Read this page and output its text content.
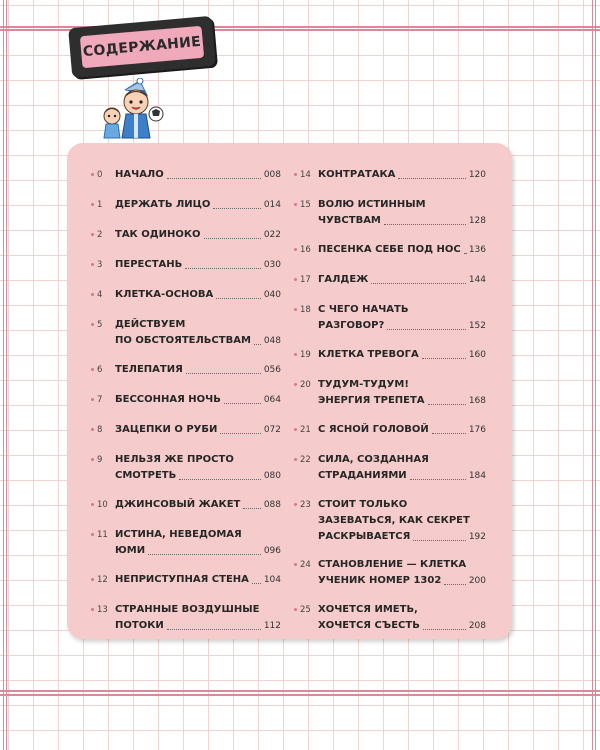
СОДЕРЖАНИЕ
0 НАЧАЛО	008
1 ДЕРЖАТЬ ЛИЦО	014
2 ТАК ОДИНОКО	022
3 ПЕРЕСТАНЬ	030
4 КЛЕТКА-ОСНОВА	040
5 ДЕЙСТВУЕМ
ПО ОБСТОЯТЕЛЬСТВАМ 048
6 ТЕЛЕПАТИЯ	056
7 БЕССОННАЯ НОЧЬ	064
8 ЗАЦЕПКИ О РУБИ	072
9 НЕЛЬЗЯ ЖЕ ПРОСТО
СМОТРЕТЬ	080
10 ДЖИНСОВЫЙ ЖАКЕТ	088
11 ИСТИНА, НЕВЕДОМАЯ
ЮМИ	096
12 НЕПРИСТУПНАЯ СТЕНА 104
13 СТРАННЫЕ ВОЗДУШНЫЕ
ПОТОКИ	112
14 КОНТРАТАКА	120
15 ВОЛЮ ИСТИННЫМ
ЧУВСТВАМ	128
16 ПЕСЕНКА СЕБЕ ПОД НОС 136
17 ГАЛДЕЖ	144
18 С ЧЕГО НАЧАТЬ
РАЗГОВОР?	152
19 КЛЕТКА ТРЕВОГА	160
20 ТУДУМ-ТУДУМ!
ЭНЕРГИЯ ТРЕПЕТА	168
21 С ЯСНОЙ ГОЛОВОЙ	176
22 СИЛА, СОЗДАННАЯ
СТРАДАНИЯМИ	184
23 СТОИТ ТОЛЬКО
ЗАЗЕВАТЬСЯ, КАК СЕКРЕТ
РАСКРЫВАЕТСЯ	192
24 СТАНОВЛЕНИЕ — КЛЕТКА
УЧЕНИК НОМЕР 1302	200
25 ХОЧЕТСЯ ИМЕТЬ,
ХОЧЕТСЯ СЪЕСТЬ	208
